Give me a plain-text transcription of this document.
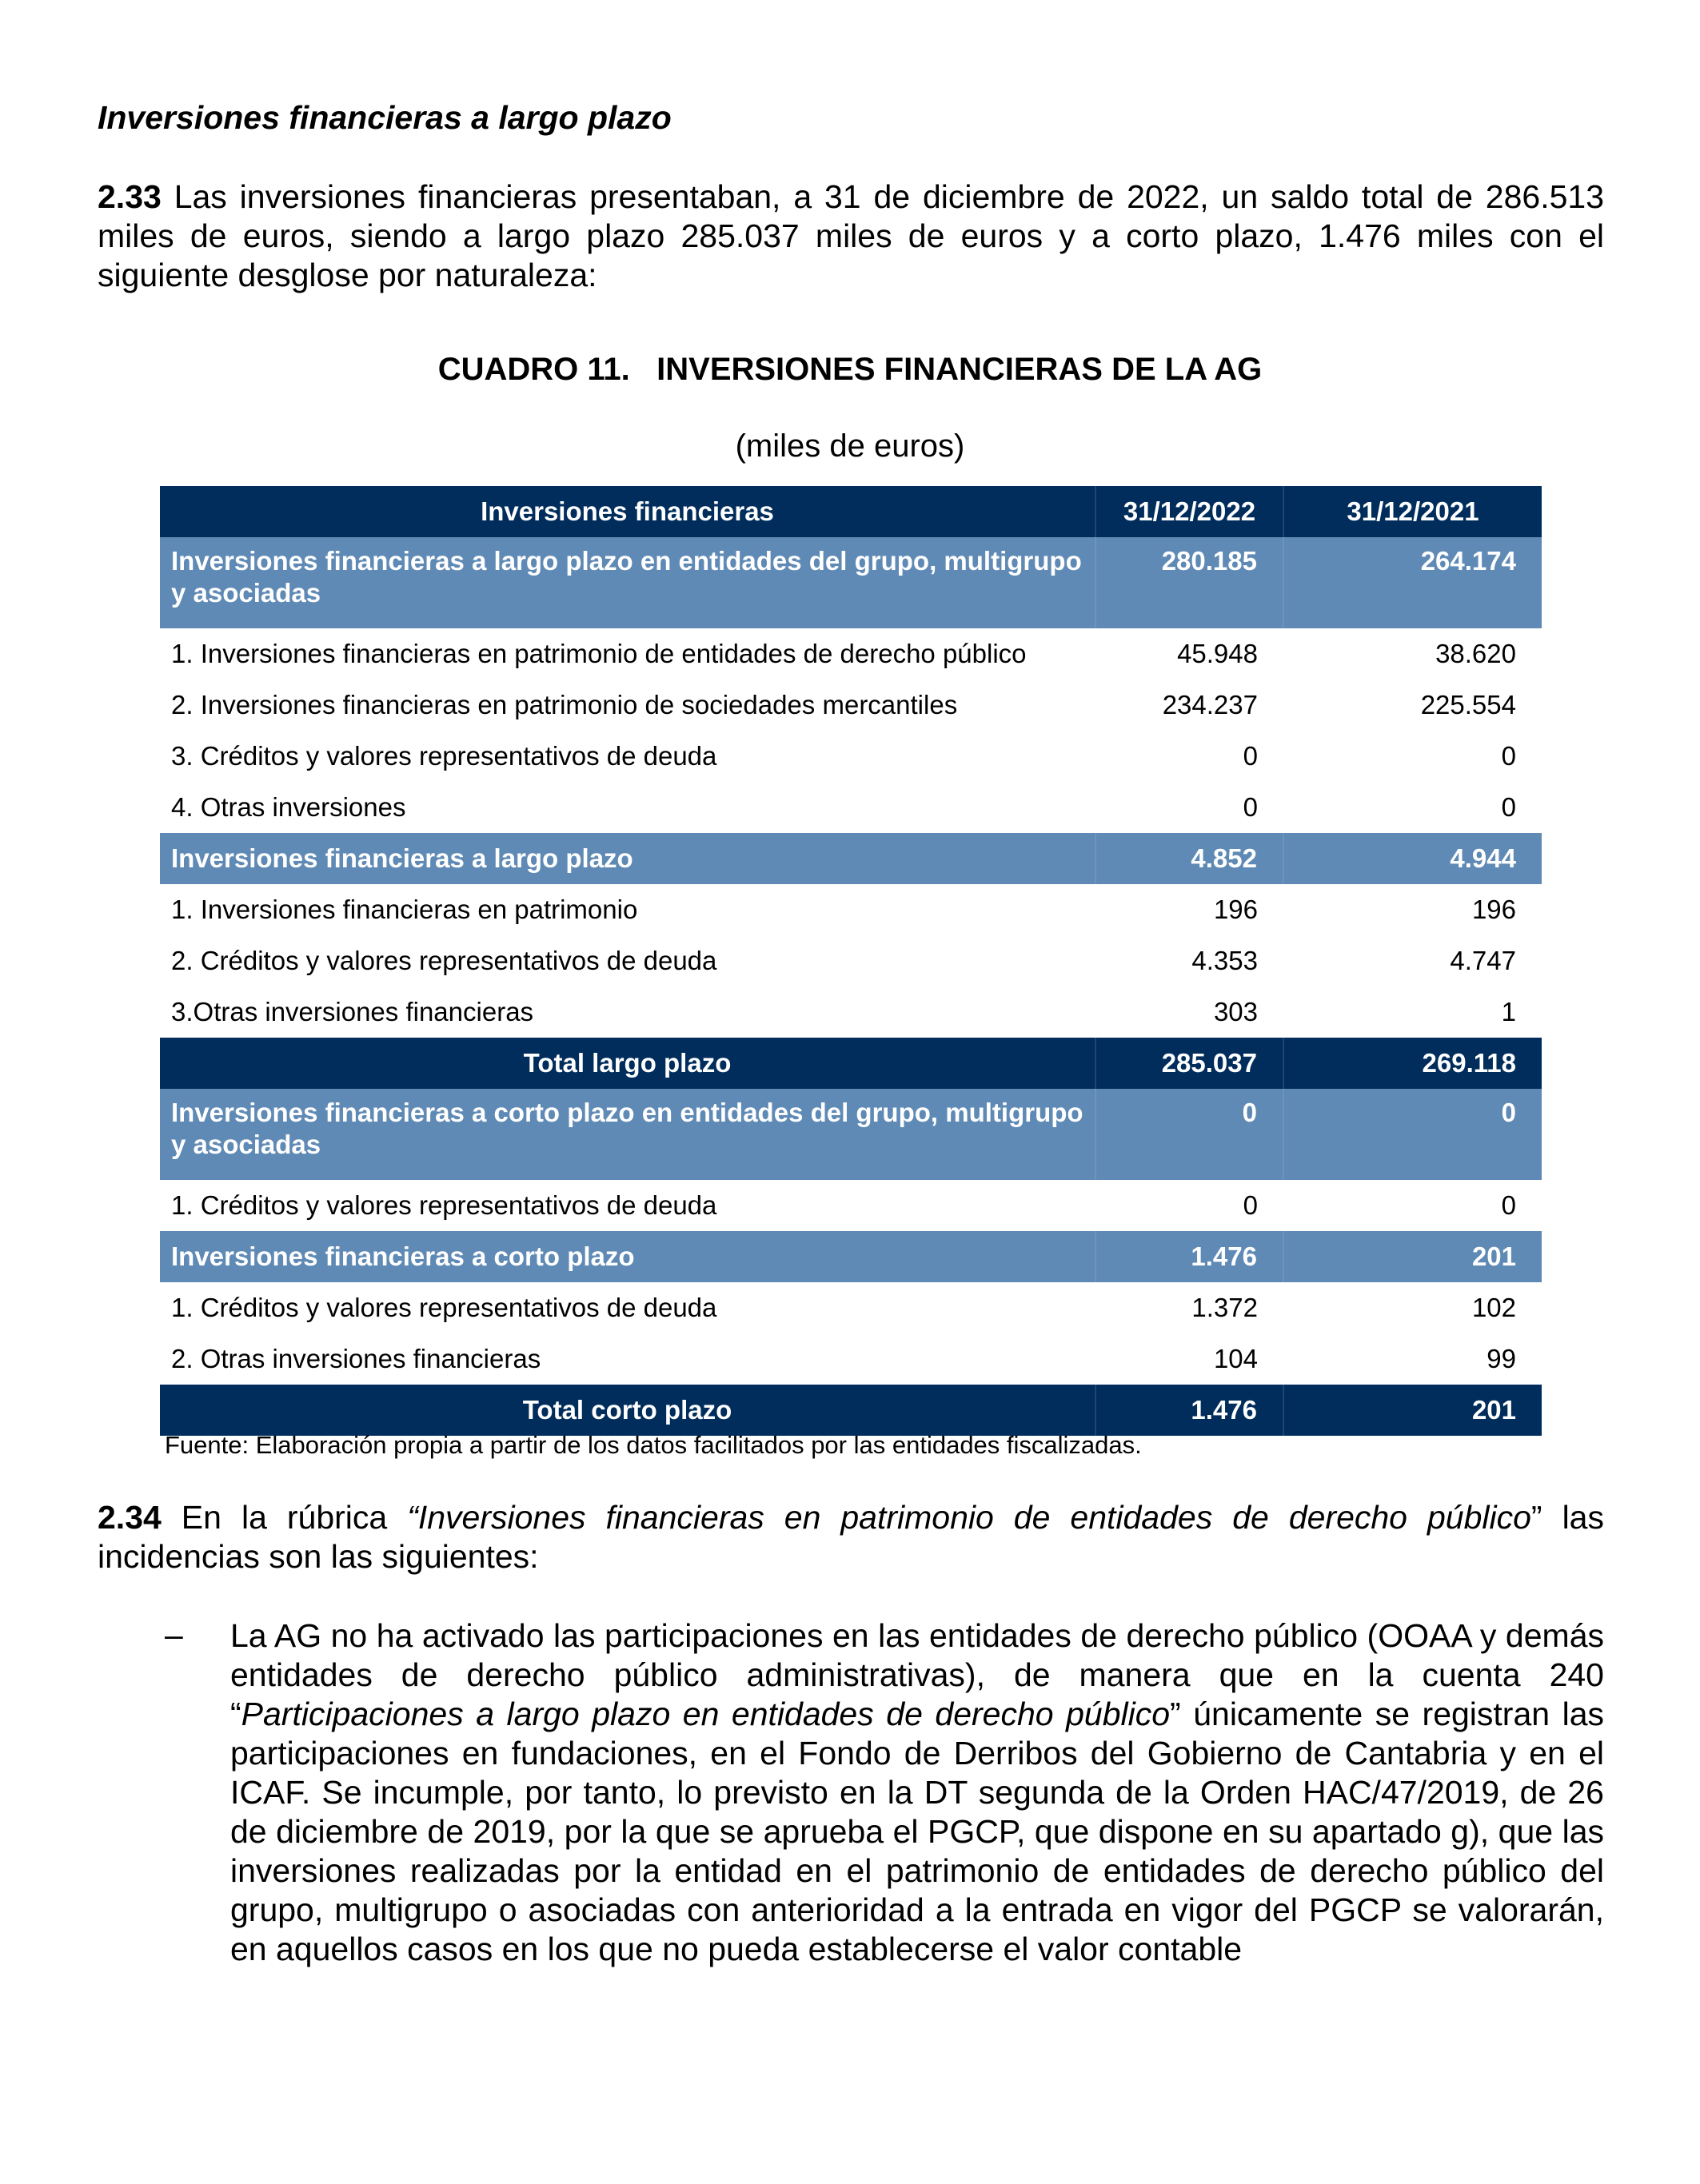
Inversiones financieras a largo plazo
2.33 Las inversiones financieras presentaban, a 31 de diciembre de 2022, un saldo total de 286.513 miles de euros, siendo a largo plazo 285.037 miles de euros y a corto plazo, 1.476 miles con el siguiente desglose por naturaleza:
CUADRO 11.   INVERSIONES FINANCIERAS DE LA AG
(miles de euros)
Inversiones financieras	31/12/2022	31/12/2021
Inversiones financieras a largo plazo en entidades del grupo, multigrupo y asociadas	280.185	264.174
1. Inversiones financieras en patrimonio de entidades de derecho público	45.948	38.620
2. Inversiones financieras en patrimonio de sociedades mercantiles	234.237	225.554
3. Créditos y valores representativos de deuda	0	0
4. Otras inversiones	0	0
Inversiones financieras a largo plazo	4.852	4.944
1. Inversiones financieras en patrimonio	196	196
2. Créditos y valores representativos de deuda	4.353	4.747
3.Otras inversiones financieras	303	1
Total largo plazo	285.037	269.118
Inversiones financieras a corto plazo en entidades del grupo, multigrupo y asociadas	0	0
1. Créditos y valores representativos de deuda	0	0
Inversiones financieras a corto plazo	1.476	201
1. Créditos y valores representativos de deuda	1.372	102
2. Otras inversiones financieras	104	99
Total corto plazo	1.476	201
Fuente: Elaboración propia a partir de los datos facilitados por las entidades fiscalizadas.
2.34 En la rúbrica “Inversiones financieras en patrimonio de entidades de derecho público” las incidencias son las siguientes:
– La AG no ha activado las participaciones en las entidades de derecho público (OOAA y demás entidades de derecho público administrativas), de manera que en la cuenta 240 “Participaciones a largo plazo en entidades de derecho público” únicamente se registran las participaciones en fundaciones, en el Fondo de Derribos del Gobierno de Cantabria y en el ICAF. Se incumple, por tanto, lo previsto en la DT segunda de la Orden HAC/47/2019, de 26 de diciembre de 2019, por la que se aprueba el PGCP, que dispone en su apartado g), que las inversiones realizadas por la entidad en el patrimonio de entidades de derecho público del grupo, multigrupo o asociadas con anterioridad a la entrada en vigor del PGCP se valorarán, en aquellos casos en los que no pueda establecerse el valor contable
